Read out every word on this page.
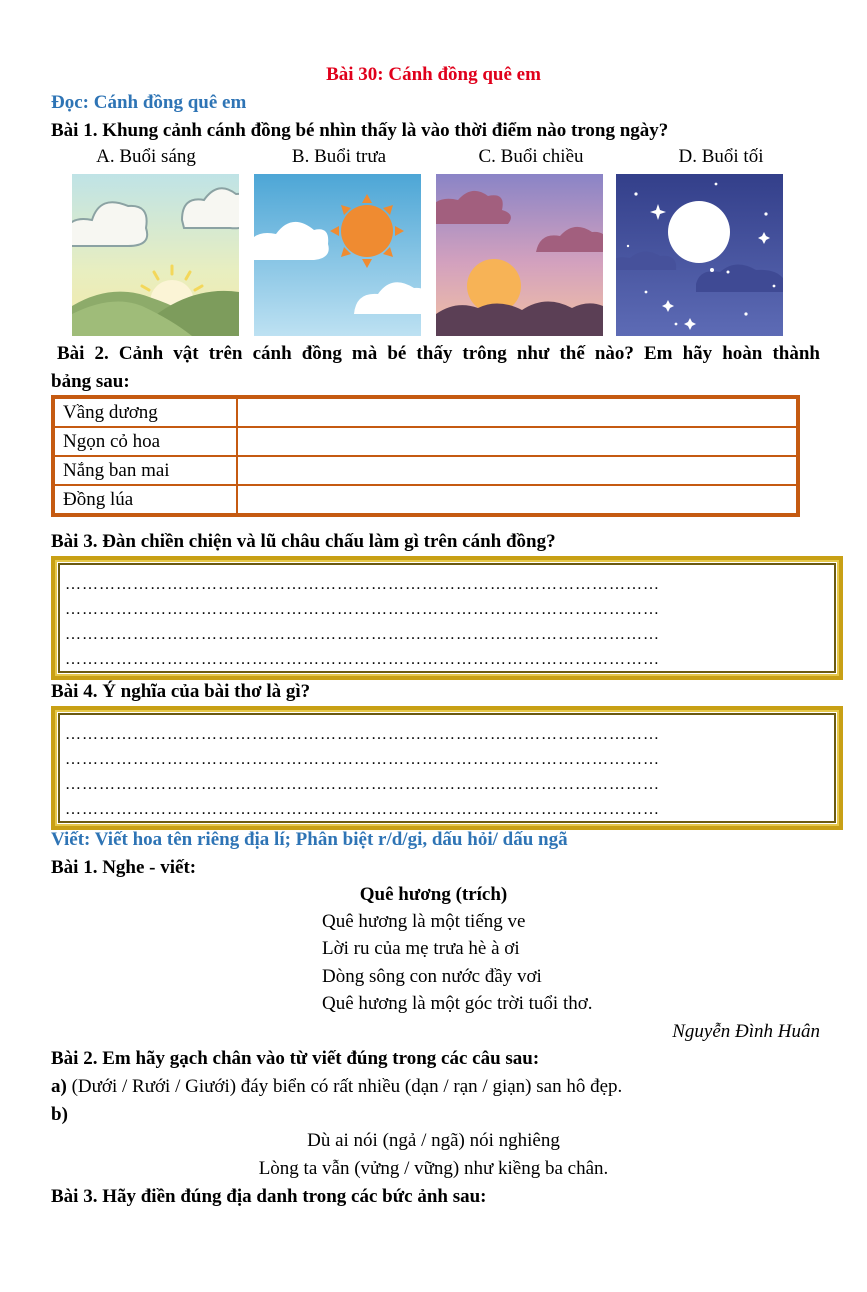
Bài 30: Cánh đồng quê em
Đọc: Cánh đồng quê em
Bài 1. Khung cảnh cánh đồng bé nhìn thấy là vào thời điểm nào trong ngày?
A. Buổi sáng	B. Buổi trưa	C. Buổi chiều	D. Buổi tối
Bài 2. Cảnh vật trên cánh đồng mà bé thấy trông như thế nào? Em hãy hoàn thành
bảng sau:
Vầng dương	
Ngọn cỏ hoa	
Nắng ban mai	
Đồng lúa	
Bài 3. Đàn chiền chiện và lũ châu chấu làm gì trên cánh đồng?
……………………………………………………………………………………………
……………………………………………………………………………………………
……………………………………………………………………………………………
……………………………………………………………………………………………
Bài 4. Ý nghĩa của bài thơ là gì?
……………………………………………………………………………………………
……………………………………………………………………………………………
……………………………………………………………………………………………
……………………………………………………………………………………………
Viết: Viết hoa tên riêng địa lí; Phân biệt r/d/gi, dấu hỏi/ dấu ngã
Bài 1. Nghe - viết:
Quê hương (trích)
Quê hương là một tiếng ve
Lời ru của mẹ trưa hè à ơi
Dòng sông con nước đầy vơi
Quê hương là một góc trời tuổi thơ.
Nguyễn Đình Huân
Bài 2. Em hãy gạch chân vào từ viết đúng trong các câu sau:
a) (Dưới / Rưới / Giưới) đáy biển có rất nhiều (dạn / rạn / giạn) san hô đẹp.
b)
Dù ai nói (ngả / ngã) nói nghiêng
Lòng ta vẫn (vửng / vững) như kiềng ba chân.
Bài 3. Hãy điền đúng địa danh trong các bức ảnh sau:
